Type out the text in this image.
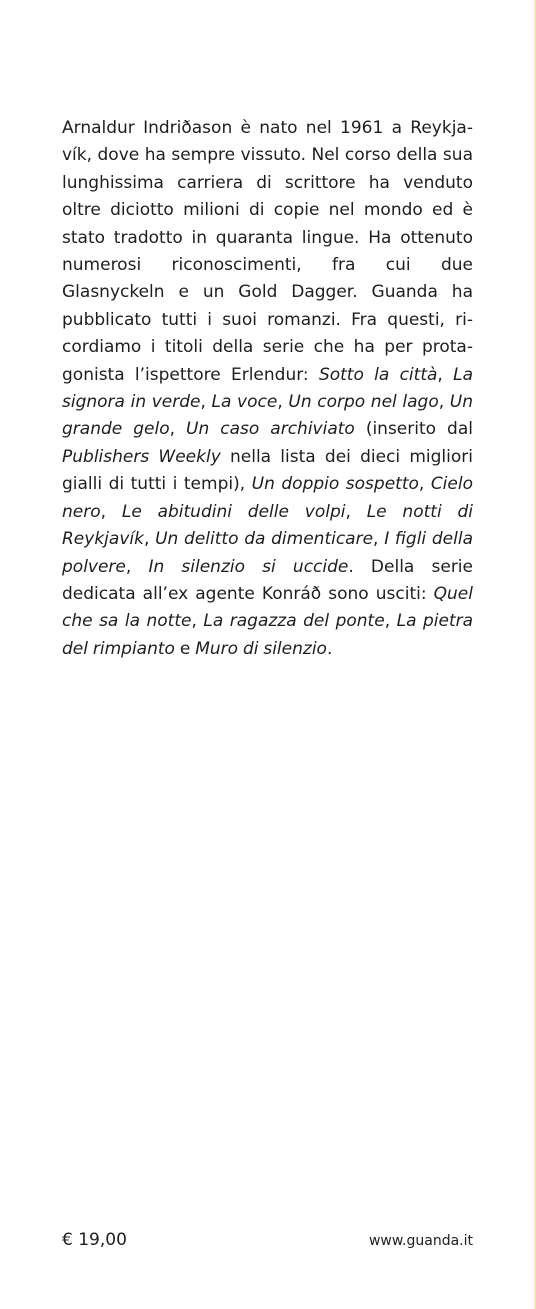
Arnaldur Indriðason è nato nel 1961 a Reykjavík, dove ha sempre vissuto. Nel corso della sua lunghissima carriera di scrittore ha venduto oltre diciotto milioni di copie nel mondo ed è stato tradotto in quaranta lingue. Ha ottenuto numerosi riconoscimenti, fra cui due Glasnyckeln e un Gold Dagger. Guanda ha pubblicato tutti i suoi romanzi. Fra questi, ricordiamo i titoli della serie che ha per protagonista l’ispettore Erlendur: Sotto la città, La signora in verde, La voce, Un corpo nel lago, Un grande gelo, Un caso archiviato (inserito dal Publishers Weekly nella lista dei dieci migliori gialli di tutti i tempi), Un doppio sospetto, Cielo nero, Le abitudini delle volpi, Le notti di Reykjavík, Un delitto da dimenticare, I figli della polvere, In silenzio si uccide. Della serie dedicata all’ex agente Konráð sono usciti: Quel che sa la notte, La ragazza del ponte, La pietra del rimpianto e Muro di silenzio.

€ 19,00	www.guanda.it
